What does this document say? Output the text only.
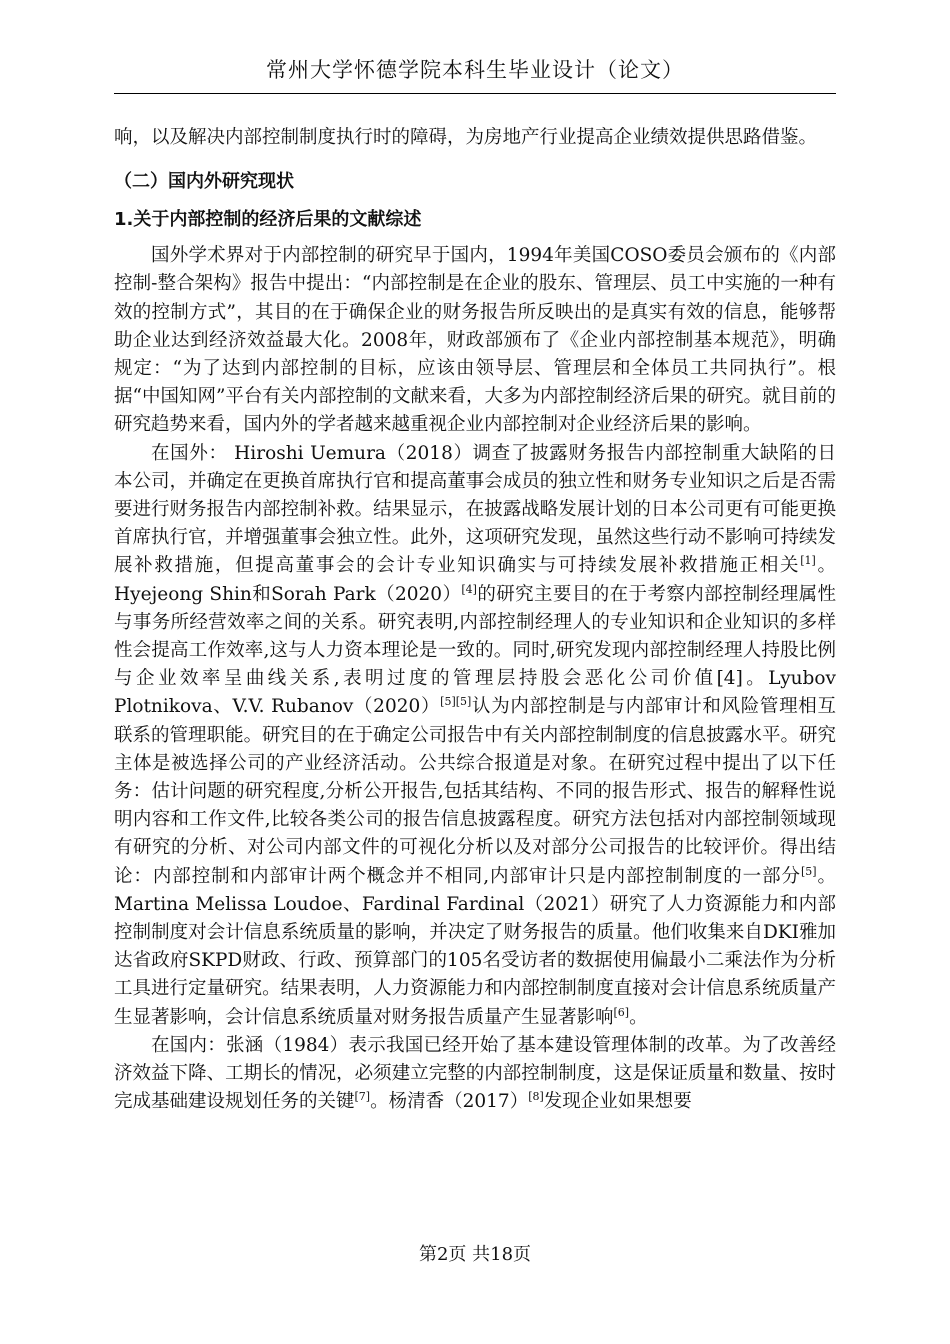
常州大学怀德学院本科生毕业设计（论文）

响，以及解决内部控制制度执行时的障碍，为房地产行业提高企业绩效提供思路借鉴。

（二）国内外研究现状
1.关于内部控制的经济后果的文献综述

国外学术界对于内部控制的研究早于国内，1994年美国COSO委员会颁布的《内部控制-整合架构》报告中提出：“内部控制是在企业的股东、管理层、员工中实施的一种有效的控制方式”，其目的在于确保企业的财务报告所反映出的是真实有效的信息，能够帮助企业达到经济效益最大化。2008年，财政部颁布了《企业内部控制基本规范》，明确规定：“为了达到内部控制的目标，应该由领导层、管理层和全体员工共同执行”。根据“中国知网”平台有关内部控制的文献来看，大多为内部控制经济后果的研究。就目前的研究趋势来看，国内外的学者越来越重视企业内部控制对企业经济后果的影响。

在国外： Hiroshi Uemura（2018）调查了披露财务报告内部控制重大缺陷的日本公司，并确定在更换首席执行官和提高董事会成员的独立性和财务专业知识之后是否需要进行财务报告内部控制补救。结果显示，在披露战略发展计划的日本公司更有可能更换首席执行官，并增强董事会独立性。此外，这项研究发现，虽然这些行动不影响可持续发展补救措施，但提高董事会的会计专业知识确实与可持续发展补救措施正相关[1]。Hyejeong Shin和Sorah Park（2020）[4]的研究主要目的在于考察内部控制经理属性与事务所经营效率之间的关系。研究表明,内部控制经理人的专业知识和企业知识的多样性会提高工作效率,这与人力资本理论是一致的。同时,研究发现内部控制经理人持股比例与企业效率呈曲线关系,表明过度的管理层持股会恶化公司价值[4]。Lyubov Plotnikova、V.V. Rubanov（2020）[5][5]认为内部控制是与内部审计和风险管理相互联系的管理职能。研究目的在于确定公司报告中有关内部控制制度的信息披露水平。研究主体是被选择公司的产业经济活动。公共综合报道是对象。在研究过程中提出了以下任务：估计问题的研究程度,分析公开报告,包括其结构、不同的报告形式、报告的解释性说明内容和工作文件,比较各类公司的报告信息披露程度。研究方法包括对内部控制领域现有研究的分析、对公司内部文件的可视化分析以及对部分公司报告的比较评价。得出结论：内部控制和内部审计两个概念并不相同,内部审计只是内部控制制度的一部分[5]。Martina Melissa Loudoe、Fardinal Fardinal（2021）研究了人力资源能力和内部控制制度对会计信息系统质量的影响，并决定了财务报告的质量。他们收集来自DKI雅加达省政府SKPD财政、行政、预算部门的105名受访者的数据使用偏最小二乘法作为分析工具进行定量研究。结果表明，人力资源能力和内部控制制度直接对会计信息系统质量产生显著影响，会计信息系统质量对财务报告质量产生显著影响[6]。

在国内：张涵（1984）表示我国已经开始了基本建设管理体制的改革。为了改善经济效益下降、工期长的情况，必须建立完整的内部控制制度，这是保证质量和数量、按时完成基础建设规划任务的关键[7]。杨清香（2017）[8]发现企业如果想要

第2页 共18页
